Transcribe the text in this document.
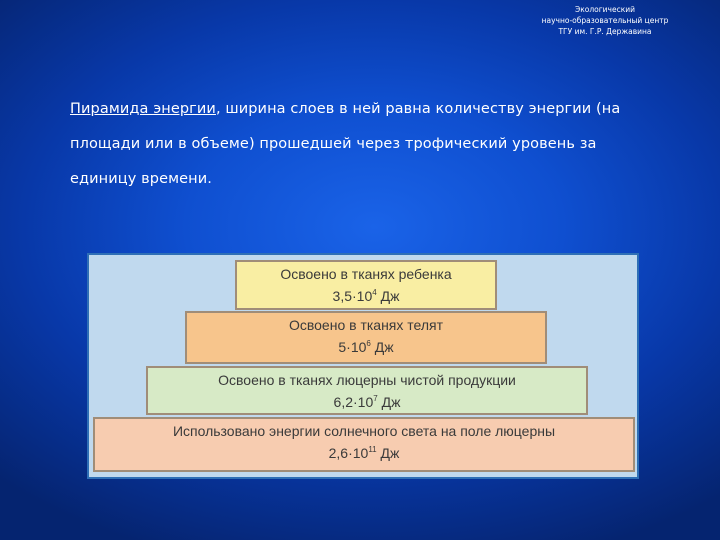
Экологический
научно-образовательный центр
ТГУ им. Г.Р. Державина
Пирамида энергии, ширина слоев в ней равна количеству энергии (на площади или в объеме) прошедшей через трофический уровень за единицу времени.
Освоено в тканях ребенка
$3,5\cdot 10^4$ Дж
Освоено в тканях телят
$5\cdot 10^6$ Дж
Освоено в тканях люцерны чистой продукции
$6,2\cdot 10^7$ Дж
Использовано энергии солнечного света на поле люцерны
$2,6\cdot 10^{11}$ Дж
